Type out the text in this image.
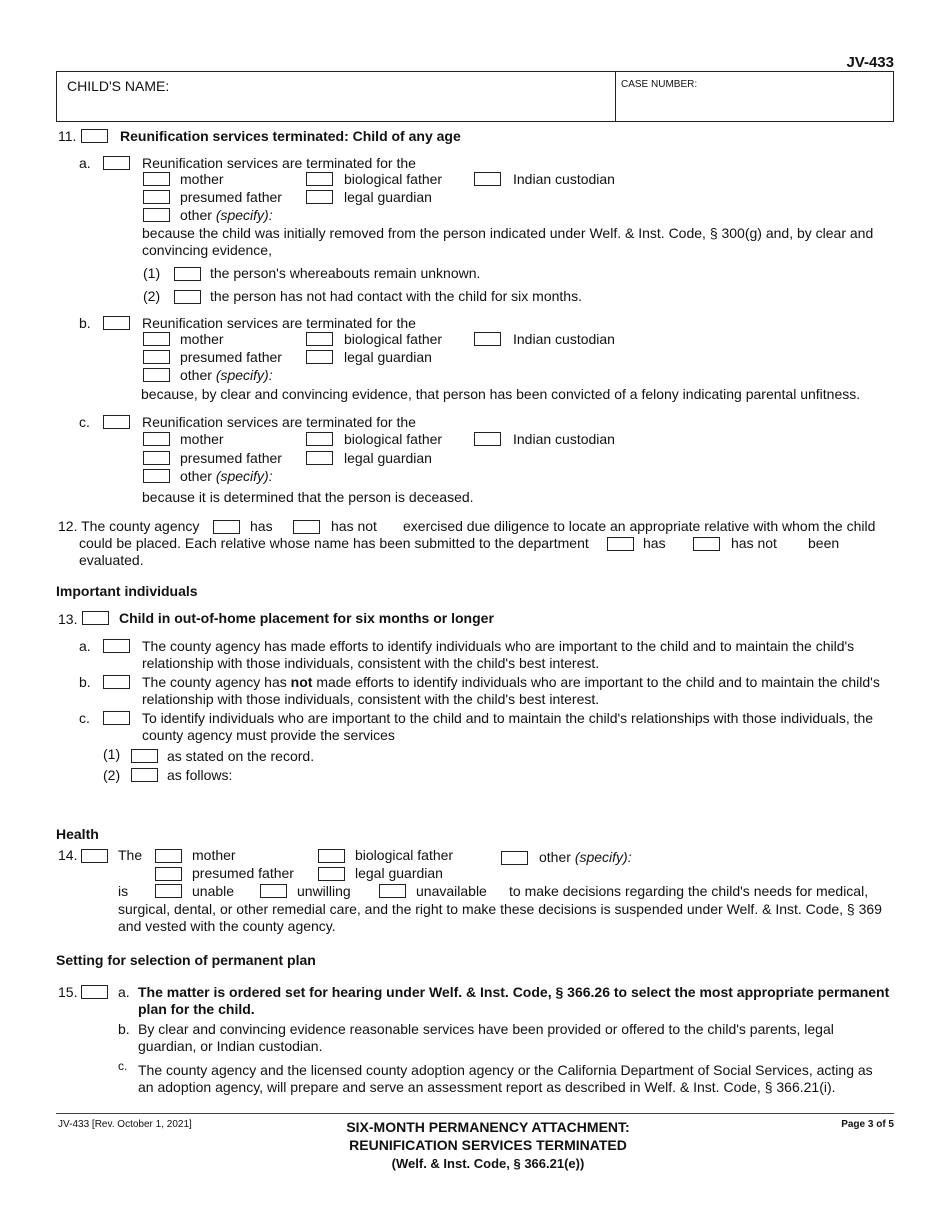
JV-433
CHILD'S NAME:	CASE NUMBER:
11.	Reunification services terminated: Child of any age
a.	Reunification services are terminated for the
mother	biological father	Indian custodian
presumed father	legal guardian
other (specify):
because the child was initially removed from the person indicated under Welf. & Inst. Code, § 300(g) and, by clear and convincing evidence,
(1)	the person's whereabouts remain unknown.
(2)	the person has not had contact with the child for six months.
b.	Reunification services are terminated for the
mother	biological father	Indian custodian
presumed father	legal guardian
other (specify):
because, by clear and convincing evidence, that person has been convicted of a felony indicating parental unfitness.
c.	Reunification services are terminated for the
mother	biological father	Indian custodian
presumed father	legal guardian
other (specify):
because it is determined that the person is deceased.
12. The county agency	has	has not exercised due diligence to locate an appropriate relative with whom the child
could be placed. Each relative whose name has been submitted to the department	has	has not been
evaluated.
Important individuals
13.	Child in out-of-home placement for six months or longer
a.	The county agency has made efforts to identify individuals who are important to the child and to maintain the child's relationship with those individuals, consistent with the child's best interest.
b.	The county agency has not made efforts to identify individuals who are important to the child and to maintain the child's relationship with those individuals, consistent with the child's best interest.
c.	To identify individuals who are important to the child and to maintain the child's relationships with those individuals, the county agency must provide the services
(1)	as stated on the record.
(2)	as follows:
Health
14.	The	mother	biological father	other (specify):
presumed father	legal guardian
is	unable	unwilling	unavailable to make decisions regarding the child's needs for medical,
surgical, dental, or other remedial care, and the right to make these decisions is suspended under Welf. & Inst. Code, § 369
and vested with the county agency.
Setting for selection of permanent plan
15.	a. The matter is ordered set for hearing under Welf. & Inst. Code, § 366.26 to select the most appropriate permanent plan for the child.
b. By clear and convincing evidence reasonable services have been provided or offered to the child's parents, legal guardian, or Indian custodian.
c. The county agency and the licensed county adoption agency or the California Department of Social Services, acting as an adoption agency, will prepare and serve an assessment report as described in Welf. & Inst. Code, § 366.21(i).
JV-433 [Rev. October 1, 2021]	SIX-MONTH PERMANENCY ATTACHMENT:
REUNIFICATION SERVICES TERMINATED
(Welf. & Inst. Code, § 366.21(e))
Page 3 of 5
